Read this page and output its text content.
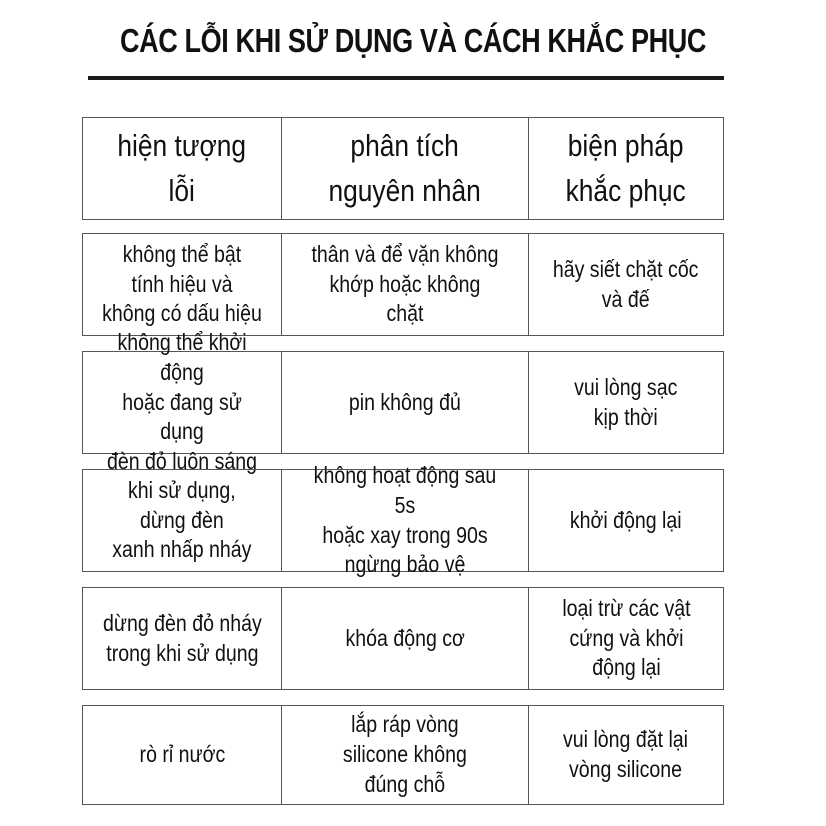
CÁC LỖI KHI SỬ DỤNG VÀ CÁCH KHẮC PHỤC
hiện tượng
lỗi
phân tích
nguyên nhân
biện pháp
khắc phục
không thể bật
tính hiệu và
không có dấu hiệu
thân và để vặn không
khớp hoặc không
chặt
hãy siết chặt cốc
và đế
không thể khởi động
hoặc đang sử dụng
đèn đỏ luôn sáng
pin không đủ
vui lòng sạc
kịp thời
khi sử dụng,
dừng đèn
xanh nhấp nháy
không hoạt động sau 5s
hoặc xay trong 90s
ngừng bảo vệ
khởi động lại
dừng đèn đỏ nháy
trong khi sử dụng
khóa động cơ
loại trừ các vật
cứng và khởi
động lại
rò rỉ nước
lắp ráp vòng
silicone không
đúng chỗ
vui lòng đặt lại
vòng silicone
